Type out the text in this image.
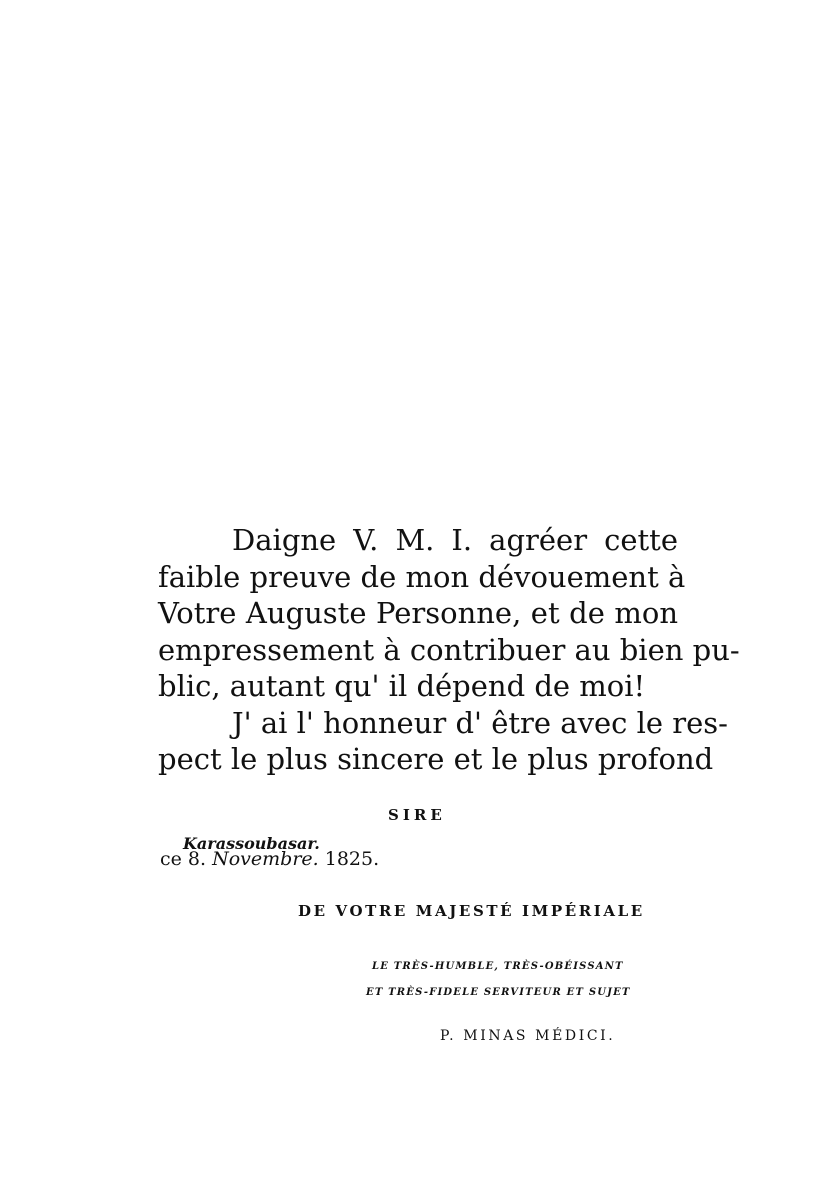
Daigne V. M. I. agréer cette
faible preuve de mon dévouement à
Votre Auguste Personne, et de mon
empressement à contribuer au bien pu-
blic, autant qu' il dépend de moi!
J' ai l' honneur d' être avec le res-
pect le plus sincere et le plus profond
SIRE
Karassoubasar.
ce 8. Novembre. 1825.
DE VOTRE MAJESTÉ IMPÉRIALE
LE TRÈS-HUMBLE, TRÈS-OBÉISSANT
ET TRÈS-FIDELE SERVITEUR ET SUJET
P. MINAS MÉDICI.
